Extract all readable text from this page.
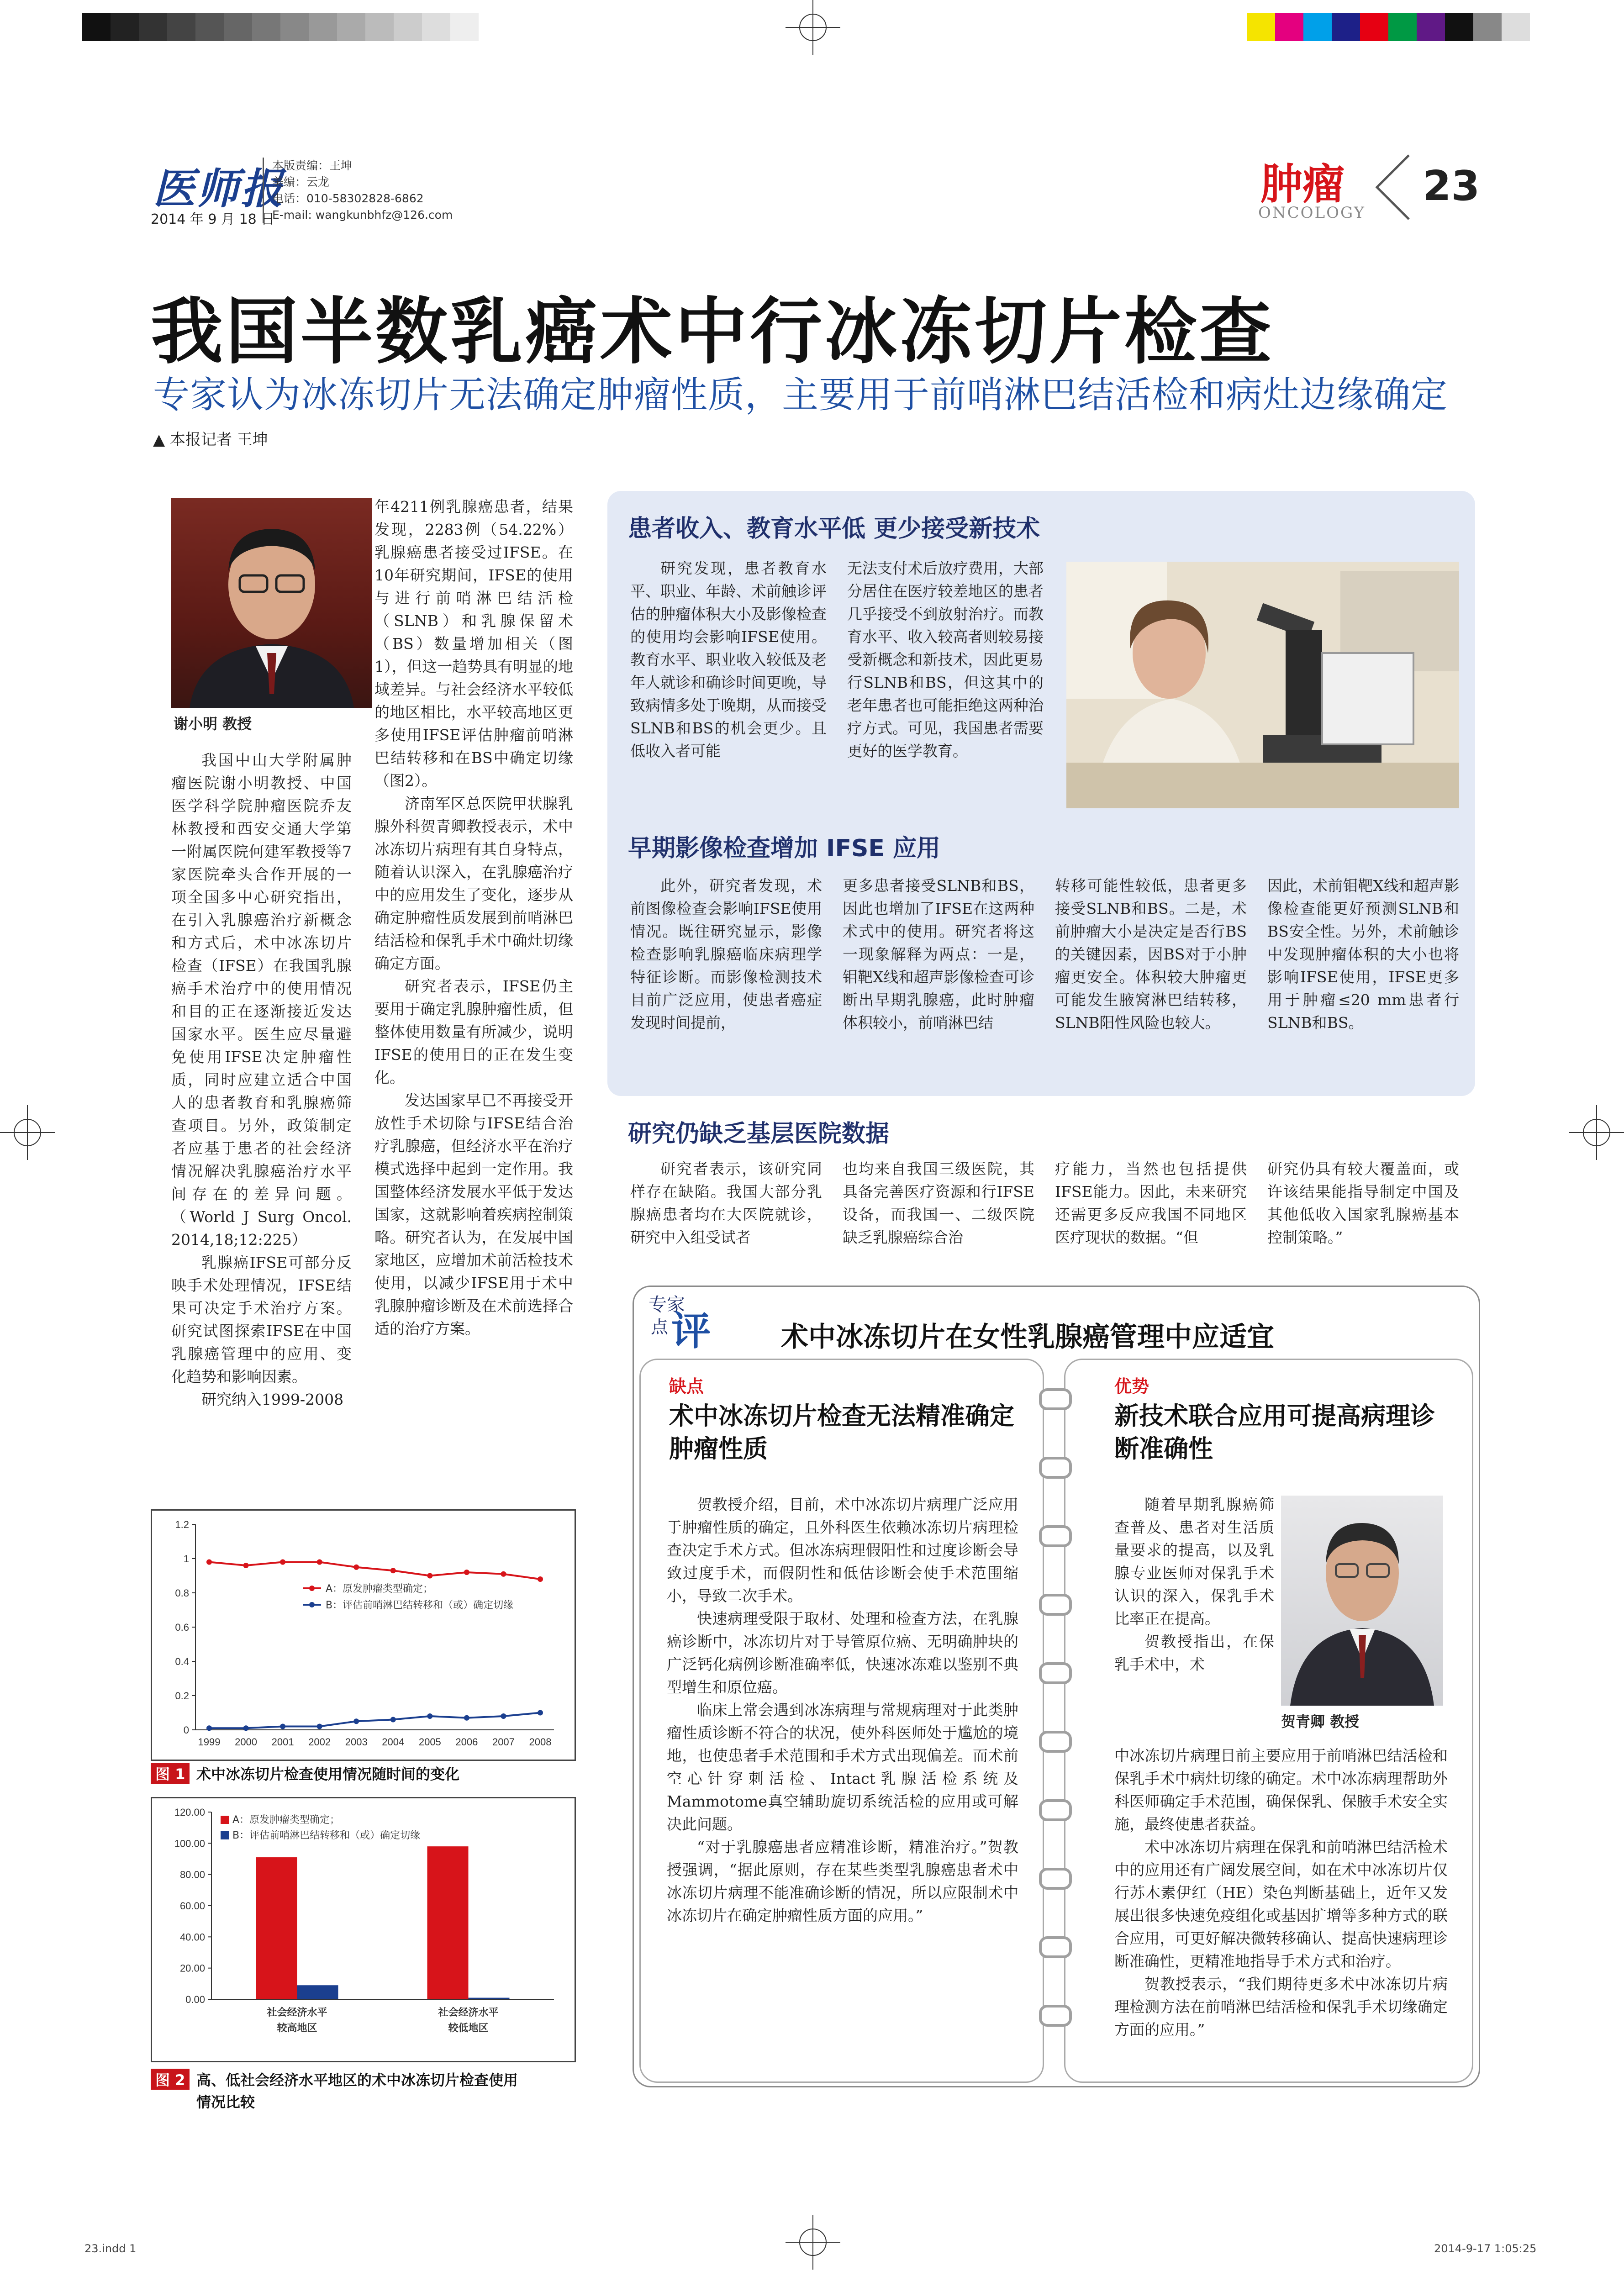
医师报
2014 年 9 月 18 日
本版责编：王坤
美编：云龙
电话：010-58302828-6862
E-mail: wangkunbhfz@126.com
肿瘤
ONCOLOGY
23
我国半数乳癌术中行冰冻切片检查
专家认为冰冻切片无法确定肿瘤性质，主要用于前哨淋巴结活检和病灶边缘确定
▲ 本报记者 王坤
谢小明 教授

我国中山大学附属肿瘤医院谢小明教授、中国医学科学院肿瘤医院乔友林教授和西安交通大学第一附属医院何建军教授等7家医院牵头合作开展的一项全国多中心研究指出，在引入乳腺癌治疗新概念和方式后，术中冰冻切片检查（IFSE）在我国乳腺癌手术治疗中的使用情况和目的正在逐渐接近发达国家水平。医生应尽量避免使用IFSE决定肿瘤性质，同时应建立适合中国人的患者教育和乳腺癌筛查项目。另外，政策制定者应基于患者的社会经济情况解决乳腺癌治疗水平间存在的差异问题。（World J Surg Oncol. 2014,18;12:225）

乳腺癌IFSE可部分反映手术处理情况，IFSE结果可决定手术治疗方案。研究试图探索IFSE在中国乳腺癌管理中的应用、变化趋势和影响因素。

研究纳入1999-2008

年4211例乳腺癌患者，结果发现，2283例（54.22%）乳腺癌患者接受过IFSE。在10年研究期间，IFSE的使用与进行前哨淋巴结活检（SLNB）和乳腺保留术（BS）数量增加相关（图1），但这一趋势具有明显的地域差异。与社会经济水平较低的地区相比，水平较高地区更多使用IFSE评估肿瘤前哨淋巴结转移和在BS中确定切缘（图2）。

济南军区总医院甲状腺乳腺外科贺青卿教授表示，术中冰冻切片病理有其自身特点，随着认识深入，在乳腺癌治疗中的应用发生了变化，逐步从确定肿瘤性质发展到前哨淋巴结活检和保乳手术中确灶切缘确定方面。

研究者表示，IFSE仍主要用于确定乳腺肿瘤性质，但整体使用数量有所减少，说明IFSE的使用目的正在发生变化。

发达国家早已不再接受开放性手术切除与IFSE结合治疗乳腺癌，但经济水平在治疗模式选择中起到一定作用。我国整体经济发展水平低于发达国家，这就影响着疾病控制策略。研究者认为，在发展中国家地区，应增加术前活检技术使用，以减少IFSE用于术中乳腺肿瘤诊断及在术前选择合适的治疗方案。

患者收入、教育水平低 更少接受新技术

研究发现，患者教育水平、职业、年龄、术前触诊评估的肿瘤体积大小及影像检查的使用均会影响IFSE使用。教育水平、职业收入较低及老年人就诊和确诊时间更晚，导致病情多处于晚期，从而接受SLNB和BS的机会更少。且低收入者可能

无法支付术后放疗费用，大部分居住在医疗较差地区的患者几乎接受不到放射治疗。而教育水平、收入较高者则较易接受新概念和新技术，因此更易行SLNB和BS，但这其中的老年患者也可能拒绝这两种治疗方式。可见，我国患者需要更好的医学教育。

早期影像检查增加 IFSE 应用

此外，研究者发现，术前图像检查会影响IFSE使用情况。既往研究显示，影像检查影响乳腺癌临床病理学特征诊断。而影像检测技术目前广泛应用，使患者癌症发现时间提前，

更多患者接受SLNB和BS，因此也增加了IFSE在这两种术式中的使用。研究者将这一现象解释为两点：一是，钼靶X线和超声影像检查可诊断出早期乳腺癌，此时肿瘤体积较小，前哨淋巴结

转移可能性较低，患者更多接受SLNB和BS。二是，术前肿瘤大小是决定是否行BS的关键因素，因BS对于小肿瘤更安全。体积较大肿瘤更可能发生腋窝淋巴结转移，SLNB阳性风险也较大。

因此，术前钼靶X线和超声影像检查能更好预测SLNB和BS安全性。另外，术前触诊中发现肿瘤体积的大小也将影响IFSE使用，IFSE更多用于肿瘤≤20 mm患者行SLNB和BS。

研究仍缺乏基层医院数据

研究者表示，该研究同样存在缺陷。我国大部分乳腺癌患者均在大医院就诊，研究中入组受试者

也均来自我国三级医院，其具备完善医疗资源和行IFSE设备，而我国一、二级医院缺乏乳腺癌综合治

疗能力，当然也包括提供IFSE能力。因此，未来研究还需更多反应我国不同地区医疗现状的数据。“但

研究仍具有较大覆盖面，或许该结果能指导制定中国及其他低收入国家乳腺癌基本控制策略。”

专家
点 评	术中冰冻切片在女性乳腺癌管理中应适宜
缺点
术中冰冻切片检查无法精准确定肿瘤性质

贺教授介绍，目前，术中冰冻切片病理广泛应用于肿瘤性质的确定，且外科医生依赖冰冻切片病理检查决定手术方式。但冰冻病理假阳性和过度诊断会导致过度手术，而假阴性和低估诊断会使手术范围缩小，导致二次手术。

快速病理受限于取材、处理和检查方法，在乳腺癌诊断中，冰冻切片对于导管原位癌、无明确肿块的广泛钙化病例诊断准确率低，快速冰冻难以鉴别不典型增生和原位癌。

临床上常会遇到冰冻病理与常规病理对于此类肿瘤性质诊断不符合的状况，使外科医师处于尴尬的境地，也使患者手术范围和手术方式出现偏差。而术前空心针穿刺活检、Intact乳腺活检系统及Mammotome真空辅助旋切系统活检的应用或可解决此问题。

“对于乳腺癌患者应精准诊断，精准治疗。”贺教授强调，“据此原则，存在某些类型乳腺癌患者术中冰冻切片病理不能准确诊断的情况，所以应限制术中冰冻切片在确定肿瘤性质方面的应用。”

优势
新技术联合应用可提高病理诊断准确性

随着早期乳腺癌筛查普及、患者对生活质量要求的提高，以及乳腺专业医师对保乳手术认识的深入，保乳手术比率正在提高。

贺教授指出，在保乳手术中，术

贺青卿 教授

中冰冻切片病理目前主要应用于前哨淋巴结活检和保乳手术中病灶切缘的确定。术中冰冻病理帮助外科医师确定手术范围，确保保乳、保腋手术安全实施，最终使患者获益。

术中冰冻切片病理在保乳和前哨淋巴结活检术中的应用还有广阔发展空间，如在术中冰冻切片仅行苏木素伊红（HE）染色判断基础上，近年又发展出很多快速免疫组化或基因扩增等多种方式的联合应用，可更好解决微转移确认、提高快速病理诊断准确性，更精准地指导手术方式和治疗。

贺教授表示，“我们期待更多术中冰冻切片病理检测方法在前哨淋巴结活检和保乳手术切缘确定方面的应用。”

0
0.2
0.4
0.6
0.8
1
1.2
1999 2000 2001 2002 2003 2004 2005 2006 2007 2008
A：原发肿瘤类型确定；
B：评估前哨淋巴结转移和（或）确定切缘
图 1 术中冰冻切片检查使用情况随时间的变化
0.00
20.00
40.00
60.00
80.00
100.00
120.00
社会经济水平
较高地区
社会经济水平
较低地区
A：原发肿瘤类型确定；
B：评估前哨淋巴结转移和（或）确定切缘
图 2 高、低社会经济水平地区的术中冰冻切片检查使用
情况比较
23.indd 1	2014-9-17 1:05:25
